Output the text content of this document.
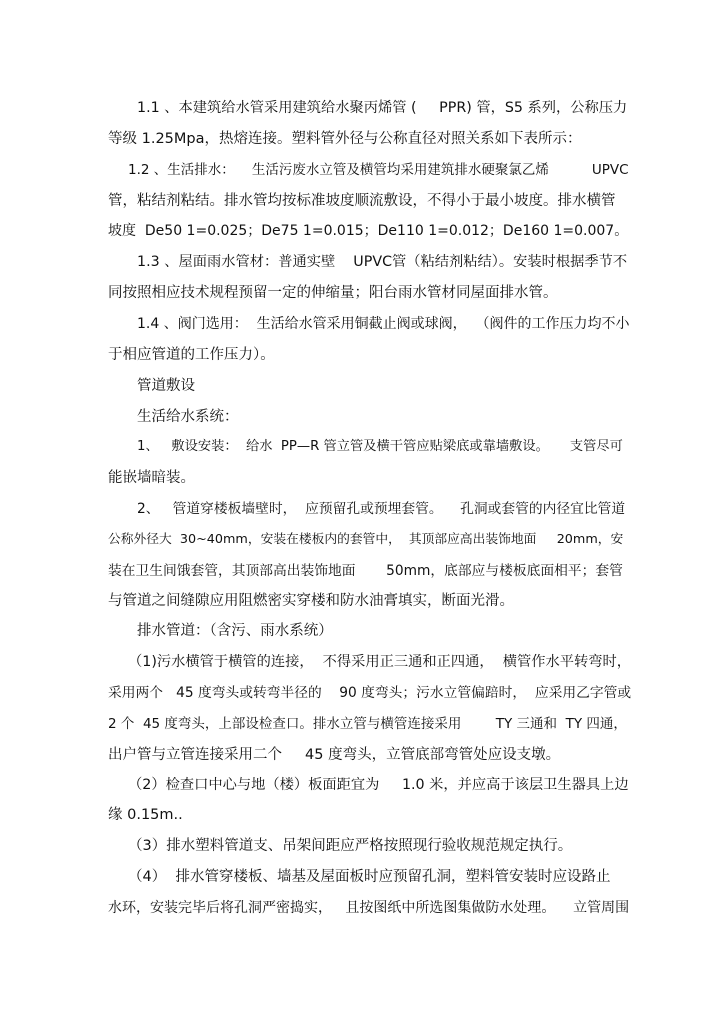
1.1 、本建筑给水管采用建筑给水聚丙烯管 (     PPR) 管，S5 系列，公称压力
等级 1.25Mpa，热熔连接。塑料管外径与公称直径对照关系如下表所示：
1.2 、生活排水：    生活污废水立管及横管均采用建筑排水硬聚氯乙烯          UPVC
管，粘结剂粘结。排水管均按标准坡度顺流敷设，不得小于最小坡度。排水横管
坡度  De50 1=0.025；De75 1=0.015；De110 1=0.012；De160 1=0.007。
1.3 、屋面雨水管材：普通实壁    UPVC管（粘结剂粘结）。安装时根据季节不
同按照相应技术规程预留一定的伸缩量；阳台雨水管材同屋面排水管。
1.4 、阀门选用：  生活给水管采用铜截止阀或球阀，  （阀件的工作压力均不小
于相应管道的工作压力）。
管道敷设
生活给水系统：
1、   敷设安装：  给水  PP—R 管立管及横干管应贴梁底或靠墙敷设。     支管尽可
能嵌墙暗装。
2、   管道穿楼板墙壁时，  应预留孔或预埋套管。    孔洞或套管的内径宜比管道
公称外径大  30~40mm，安装在楼板内的套管中，  其顶部应高出装饰地面     20mm，安
装在卫生间饿套管，其顶部高出装饰地面       50mm，底部应与楼板底面相平；套管
与管道之间缝隙应用阻燃密实穿楼和防水油膏填实，断面光滑。
排水管道：（含污、雨水系统）
（1)污水横管于横管的连接，  不得采用正三通和正四通，  横管作水平转弯时，
采用两个   45 度弯头或转弯半径的    90 度弯头；污水立管偏踣时，  应采用乙字管或
2 个  45 度弯头，上部设检查口。排水立管与横管连接采用        TY 三通和  TY 四通，
出户管与立管连接采用二个     45 度弯头，立管底部弯管处应设支墩。
（2）检查口中心与地（楼）板面距宜为     1.0 米，并应高于该层卫生器具上边
缘 0.15m..
（3）排水塑料管道支、吊架间距应严格按照现行验收规范规定执行。
（4）  排水管穿楼板、墙基及屋面板时应预留孔洞，塑料管安装时应设路止
水环，安装完毕后将孔洞严密捣实，   且按图纸中所选图集做防水处理。    立管周围
